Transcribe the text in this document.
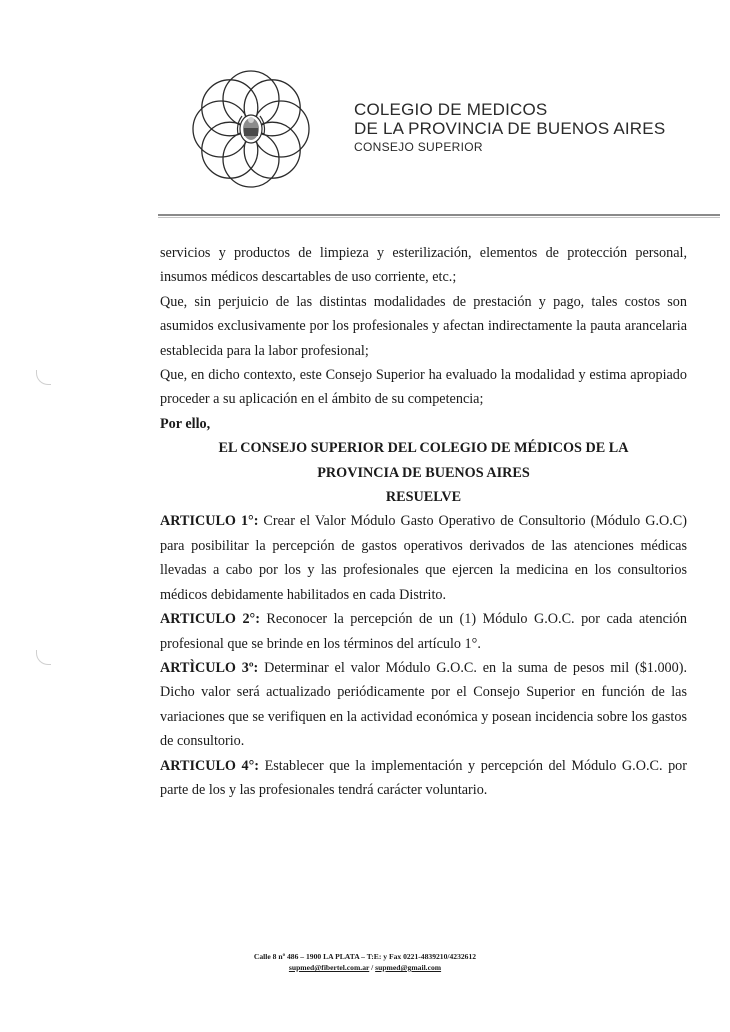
COLEGIO DE MEDICOS
DE LA PROVINCIA DE BUENOS AIRES
CONSEJO SUPERIOR

servicios y productos de limpieza y esterilización, elementos de protección personal, insumos médicos descartables de uso corriente, etc.;

Que, sin perjuicio de las distintas modalidades de prestación y pago, tales costos son asumidos exclusivamente por los profesionales y afectan indirectamente la pauta arancelaria establecida para la labor profesional;

Que, en dicho contexto, este Consejo Superior ha evaluado la modalidad y estima apropiado proceder a su aplicación en el ámbito de su competencia;

Por ello,

EL CONSEJO SUPERIOR DEL COLEGIO DE MÉDICOS DE LA

PROVINCIA DE BUENOS AIRES

RESUELVE

ARTICULO 1°: Crear el Valor Módulo Gasto Operativo de Consultorio (Módulo G.O.C) para posibilitar la percepción de gastos operativos derivados de las atenciones médicas llevadas a cabo por los y las profesionales que ejercen la medicina en los consultorios médicos debidamente habilitados en cada Distrito.

ARTICULO 2°: Reconocer la percepción de un (1) Módulo G.O.C. por cada atención profesional que se brinde en los términos del artículo 1°.

ARTÌCULO 3º: Determinar el valor Módulo G.O.C. en la suma de pesos mil ($1.000). Dicho valor será actualizado periódicamente por el Consejo Superior en función de las variaciones que se verifiquen en la actividad económica y posean incidencia sobre los gastos de consultorio.

ARTICULO 4°: Establecer que la implementación y percepción del Módulo G.O.C. por parte de los y las profesionales tendrá carácter voluntario.

Calle 8 nº 486 – 1900 LA PLATA – T:E: y Fax 0221-4839210/4232612
supmed@fibertel.com.ar / supmed@gmail.com
